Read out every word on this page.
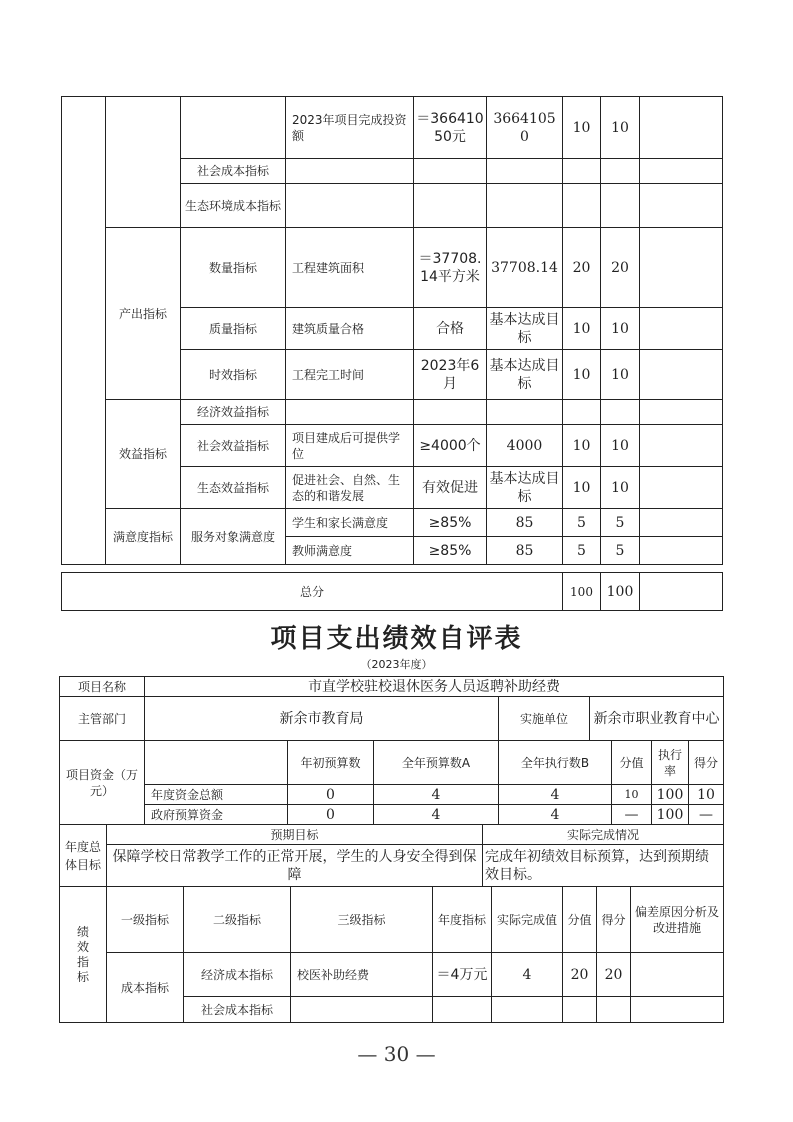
			2023年项目完成投资额	＝36641050元	36641050	10	10	
		社会成本指标						
		生态环境成本指标						
	产出指标	数量指标	工程建筑面积	＝37708.14平方米	37708.14	20	20	
		质量指标	建筑质量合格	合格	基本达成目标	10	10	
		时效指标	工程完工时间	2023年6月	基本达成目标	10	10	
	效益指标	经济效益指标						
		社会效益指标	项目建成后可提供学位	≥4000个	4000	10	10	
		生态效益指标	促进社会、自然、生态的和谐发展	有效促进	基本达成目标	10	10	
	满意度指标	服务对象满意度	学生和家长满意度	≥85%	85	5	5	
			教师满意度	≥85%	85	5	5	
总分	100	100	
项目支出绩效自评表
（2023年度）
项目名称	市直学校驻校退休医务人员返聘补助经费		
主管部门	新余市教育局	实施单位	新余市职业教育中心
项目资金（万元）		年初预算数	全年预算数A	全年执行数B	分值	执行率	得分
	年度资金总额	0	4	4	10	100	10
	政府预算资金	0	4	4	—	100	—
年度总体目标	预期目标	实际完成情况
	保障学校日常教学工作的正常开展，学生的人身安全得到保障	完成年初绩效目标预算，达到预期绩效目标。
绩效指标	一级指标	二级指标	三级指标	年度指标	实际完成值	分值	得分	偏差原因分析及改进措施
	成本指标	经济成本指标	校医补助经费	＝4万元	4	20	20	
		社会成本指标						
— 30 —
